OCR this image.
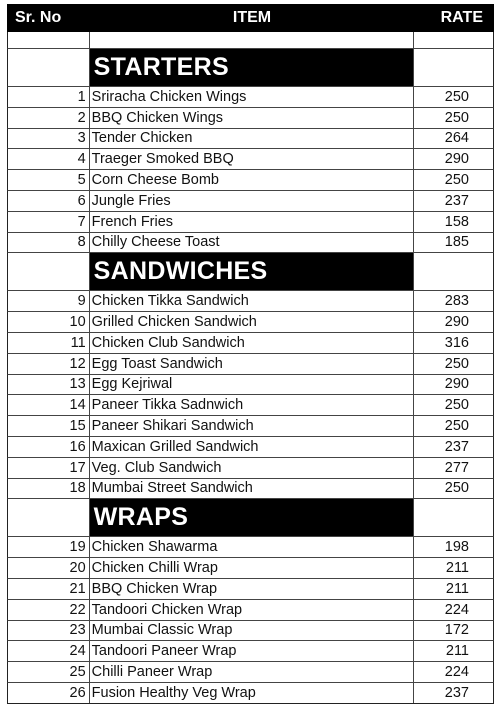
Sr. No	ITEM	RATE
STARTERS
1 Sriracha Chicken Wings	250
2 BBQ Chicken Wings	250
3 Tender Chicken	264
4 Traeger Smoked BBQ	290
5 Corn Cheese Bomb	250
6 Jungle Fries	237
7 French Fries	158
8 Chilly Cheese Toast	185
SANDWICHES
9 Chicken Tikka Sandwich	283
10 Grilled Chicken Sandwich	290
11 Chicken Club Sandwich	316
12 Egg Toast Sandwich	250
13 Egg Kejriwal	290
14 Paneer Tikka Sadnwich	250
15 Paneer Shikari Sandwich	250
16 Maxican Grilled Sandwich	237
17 Veg. Club Sandwich	277
18 Mumbai Street Sandwich	250
WRAPS
19 Chicken Shawarma	198
20 Chicken Chilli Wrap	211
21 BBQ Chicken Wrap	211
22 Tandoori Chicken Wrap	224
23 Mumbai Classic Wrap	172
24 Tandoori Paneer Wrap	211
25 Chilli Paneer Wrap	224
26 Fusion Healthy Veg Wrap	237
